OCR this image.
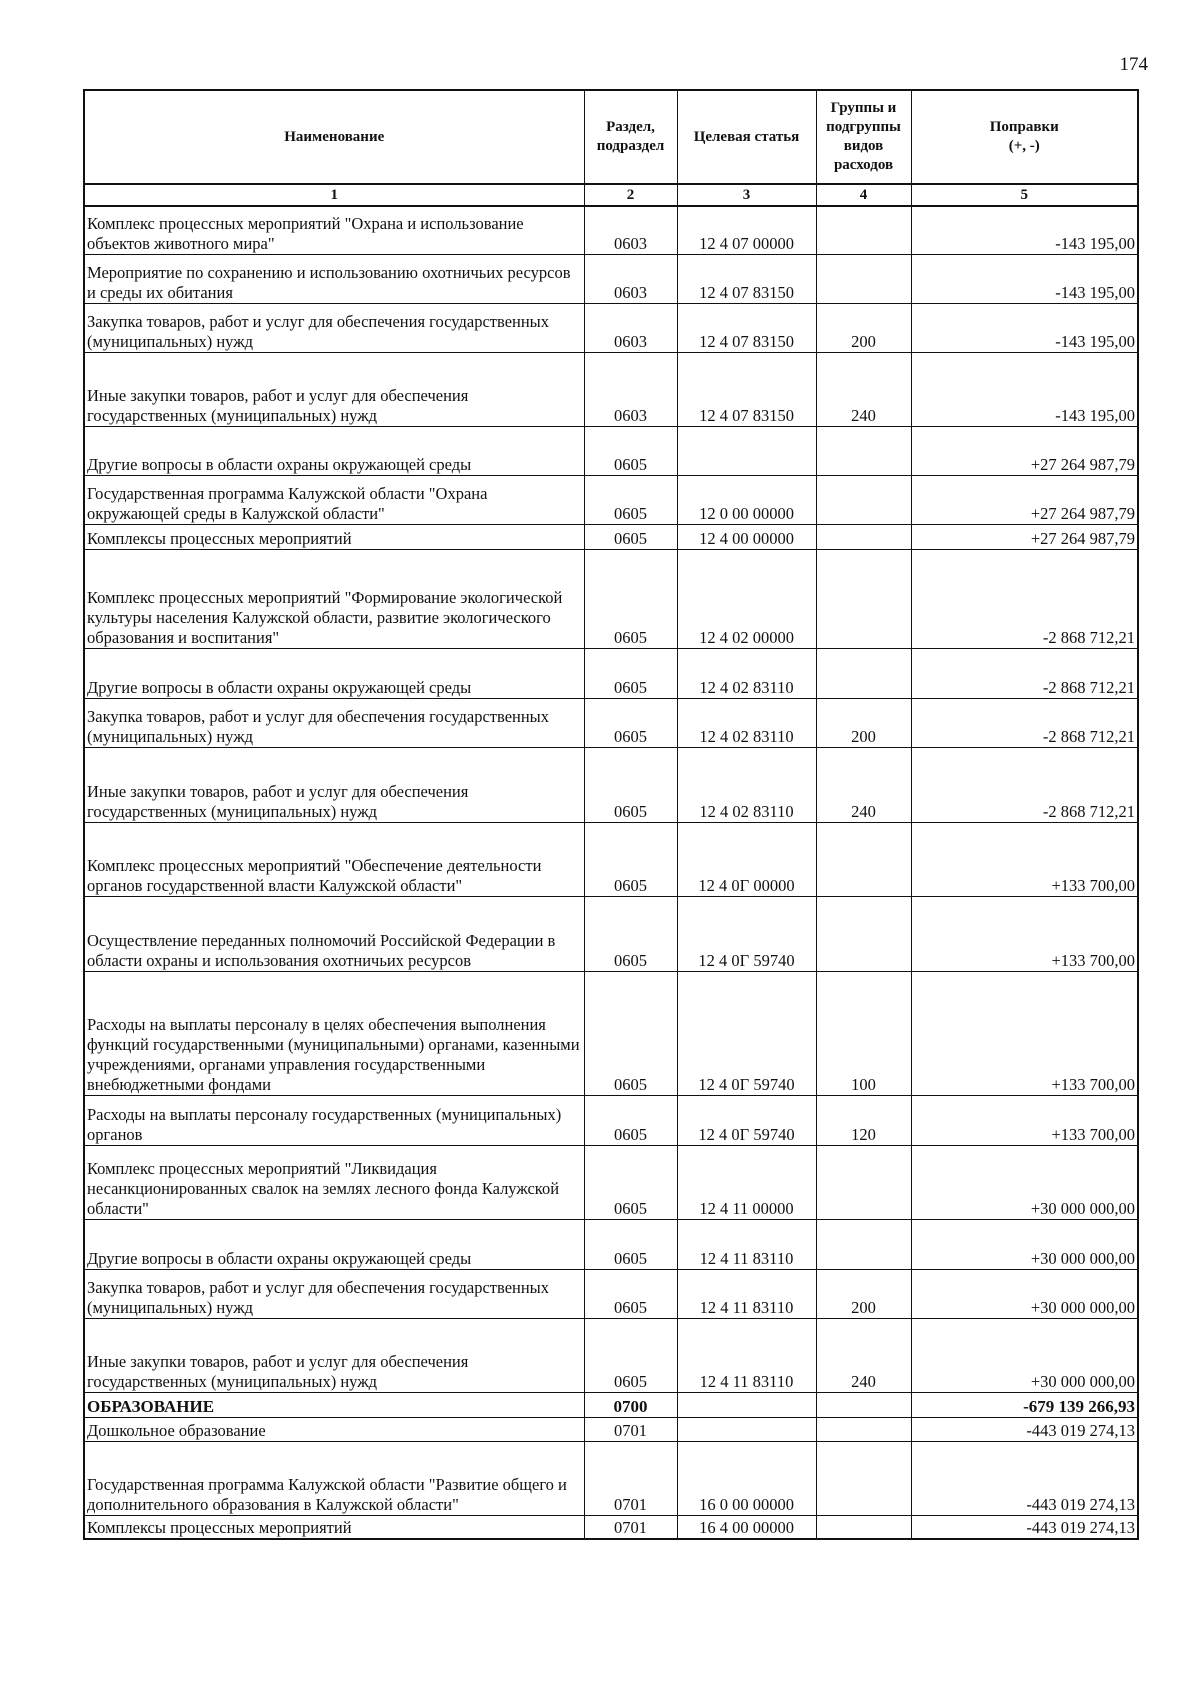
174
Наименование	Раздел, подраздел	Целевая статья	Группы и подгруппы видов расходов	Поправки
(+, -)
1	2	3	4	5
Комплекс процессных мероприятий "Охрана и использование объектов животного мира"	0603	12 4 07 00000		-143 195,00
Мероприятие по сохранению и использованию охотничьих ресурсов и среды их обитания	0603	12 4 07 83150		-143 195,00
Закупка товаров, работ и услуг для обеспечения государственных (муниципальных) нужд	0603	12 4 07 83150	200	-143 195,00
Иные закупки товаров, работ и услуг для обеспечения государственных (муниципальных) нужд	0603	12 4 07 83150	240	-143 195,00
Другие вопросы в области охраны окружающей среды	0605			+27 264 987,79
Государственная программа Калужской области "Охрана окружающей среды в Калужской области"	0605	12 0 00 00000		+27 264 987,79
Комплексы процессных мероприятий	0605	12 4 00 00000		+27 264 987,79
Комплекс процессных мероприятий "Формирование экологической культуры населения Калужской области, развитие экологического образования и воспитания"	0605	12 4 02 00000		-2 868 712,21
Другие вопросы в области охраны окружающей среды	0605	12 4 02 83110		-2 868 712,21
Закупка товаров, работ и услуг для обеспечения государственных (муниципальных) нужд	0605	12 4 02 83110	200	-2 868 712,21
Иные закупки товаров, работ и услуг для обеспечения государственных (муниципальных) нужд	0605	12 4 02 83110	240	-2 868 712,21
Комплекс процессных мероприятий "Обеспечение деятельности органов государственной власти Калужской области"	0605	12 4 0Г 00000		+133 700,00
Осуществление переданных полномочий Российской Федерации в области охраны и использования охотничьих ресурсов	0605	12 4 0Г 59740		+133 700,00
Расходы на выплаты персоналу в целях обеспечения выполнения функций государственными (муниципальными) органами, казенными учреждениями, органами управления государственными внебюджетными фондами	0605	12 4 0Г 59740	100	+133 700,00
Расходы на выплаты персоналу государственных (муниципальных) органов	0605	12 4 0Г 59740	120	+133 700,00
Комплекс процессных мероприятий "Ликвидация несанкционированных свалок на землях лесного фонда Калужской области"	0605	12 4 11 00000		+30 000 000,00
Другие вопросы в области охраны окружающей среды	0605	12 4 11 83110		+30 000 000,00
Закупка товаров, работ и услуг для обеспечения государственных (муниципальных) нужд	0605	12 4 11 83110	200	+30 000 000,00
Иные закупки товаров, работ и услуг для обеспечения государственных (муниципальных) нужд	0605	12 4 11 83110	240	+30 000 000,00
ОБРАЗОВАНИЕ	0700			-679 139 266,93
Дошкольное образование	0701			-443 019 274,13
Государственная программа Калужской области "Развитие общего и дополнительного образования в Калужской области"	0701	16 0 00 00000		-443 019 274,13
Комплексы процессных мероприятий	0701	16 4 00 00000		-443 019 274,13
